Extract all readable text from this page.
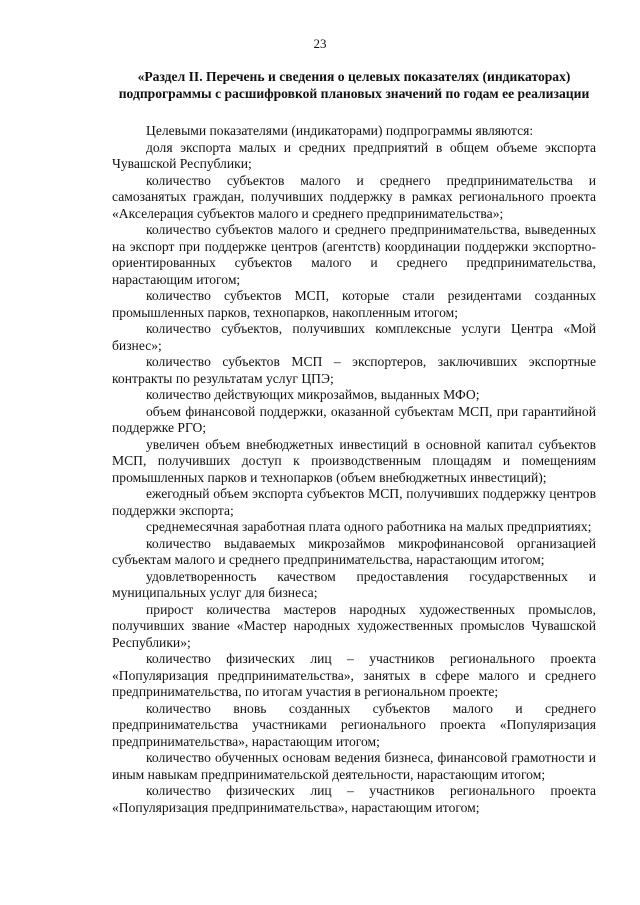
23
«Раздел II. Перечень и сведения о целевых показателях (индикаторах) подпрограммы с расшифровкой плановых значений по годам ее реализации

Целевыми показателями (индикаторами) подпрограммы являются:

доля экспорта малых и средних предприятий в общем объеме экспорта Чувашской Республики;

количество субъектов малого и среднего предпринимательства и самозанятых граждан, получивших поддержку в рамках регионального проекта «Акселерация субъектов малого и среднего предпринимательства»;

количество субъектов малого и среднего предпринимательства, выведенных на экспорт при поддержке центров (агентств) координации поддержки экспортно-ориентированных субъектов малого и среднего предпринимательства, нарастающим итогом;

количество субъектов МСП, которые стали резидентами созданных промышленных парков, технопарков, накопленным итогом;

количество субъектов, получивших комплексные услуги Центра «Мой бизнес»;

количество субъектов МСП – экспортеров, заключивших экспортные контракты по результатам услуг ЦПЭ;

количество действующих микрозаймов, выданных МФО;

объем финансовой поддержки, оказанной субъектам МСП, при гарантийной поддержке РГО;

увеличен объем внебюджетных инвестиций в основной капитал субъектов МСП, получивших доступ к производственным площадям и помещениям промышленных парков и технопарков (объем внебюджетных инвестиций);

ежегодный объем экспорта субъектов МСП, получивших поддержку центров поддержки экспорта;

среднемесячная заработная плата одного работника на малых предприятиях;

количество выдаваемых микрозаймов микрофинансовой организацией субъектам малого и среднего предпринимательства, нарастающим итогом;

удовлетворенность качеством предоставления государственных и муниципальных услуг для бизнеса;

прирост количества мастеров народных художественных промыслов, получивших звание «Мастер народных художественных промыслов Чувашской Республики»;

количество физических лиц – участников регионального проекта «Популяризация предпринимательства», занятых в сфере малого и среднего предпринимательства, по итогам участия в региональном проекте;

количество вновь созданных субъектов малого и среднего предпринимательства участниками регионального проекта «Популяризация предпринимательства», нарастающим итогом;

количество обученных основам ведения бизнеса, финансовой грамотности и иным навыкам предпринимательской деятельности, нарастающим итогом;

количество физических лиц – участников регионального проекта «Популяризация предпринимательства», нарастающим итогом;
